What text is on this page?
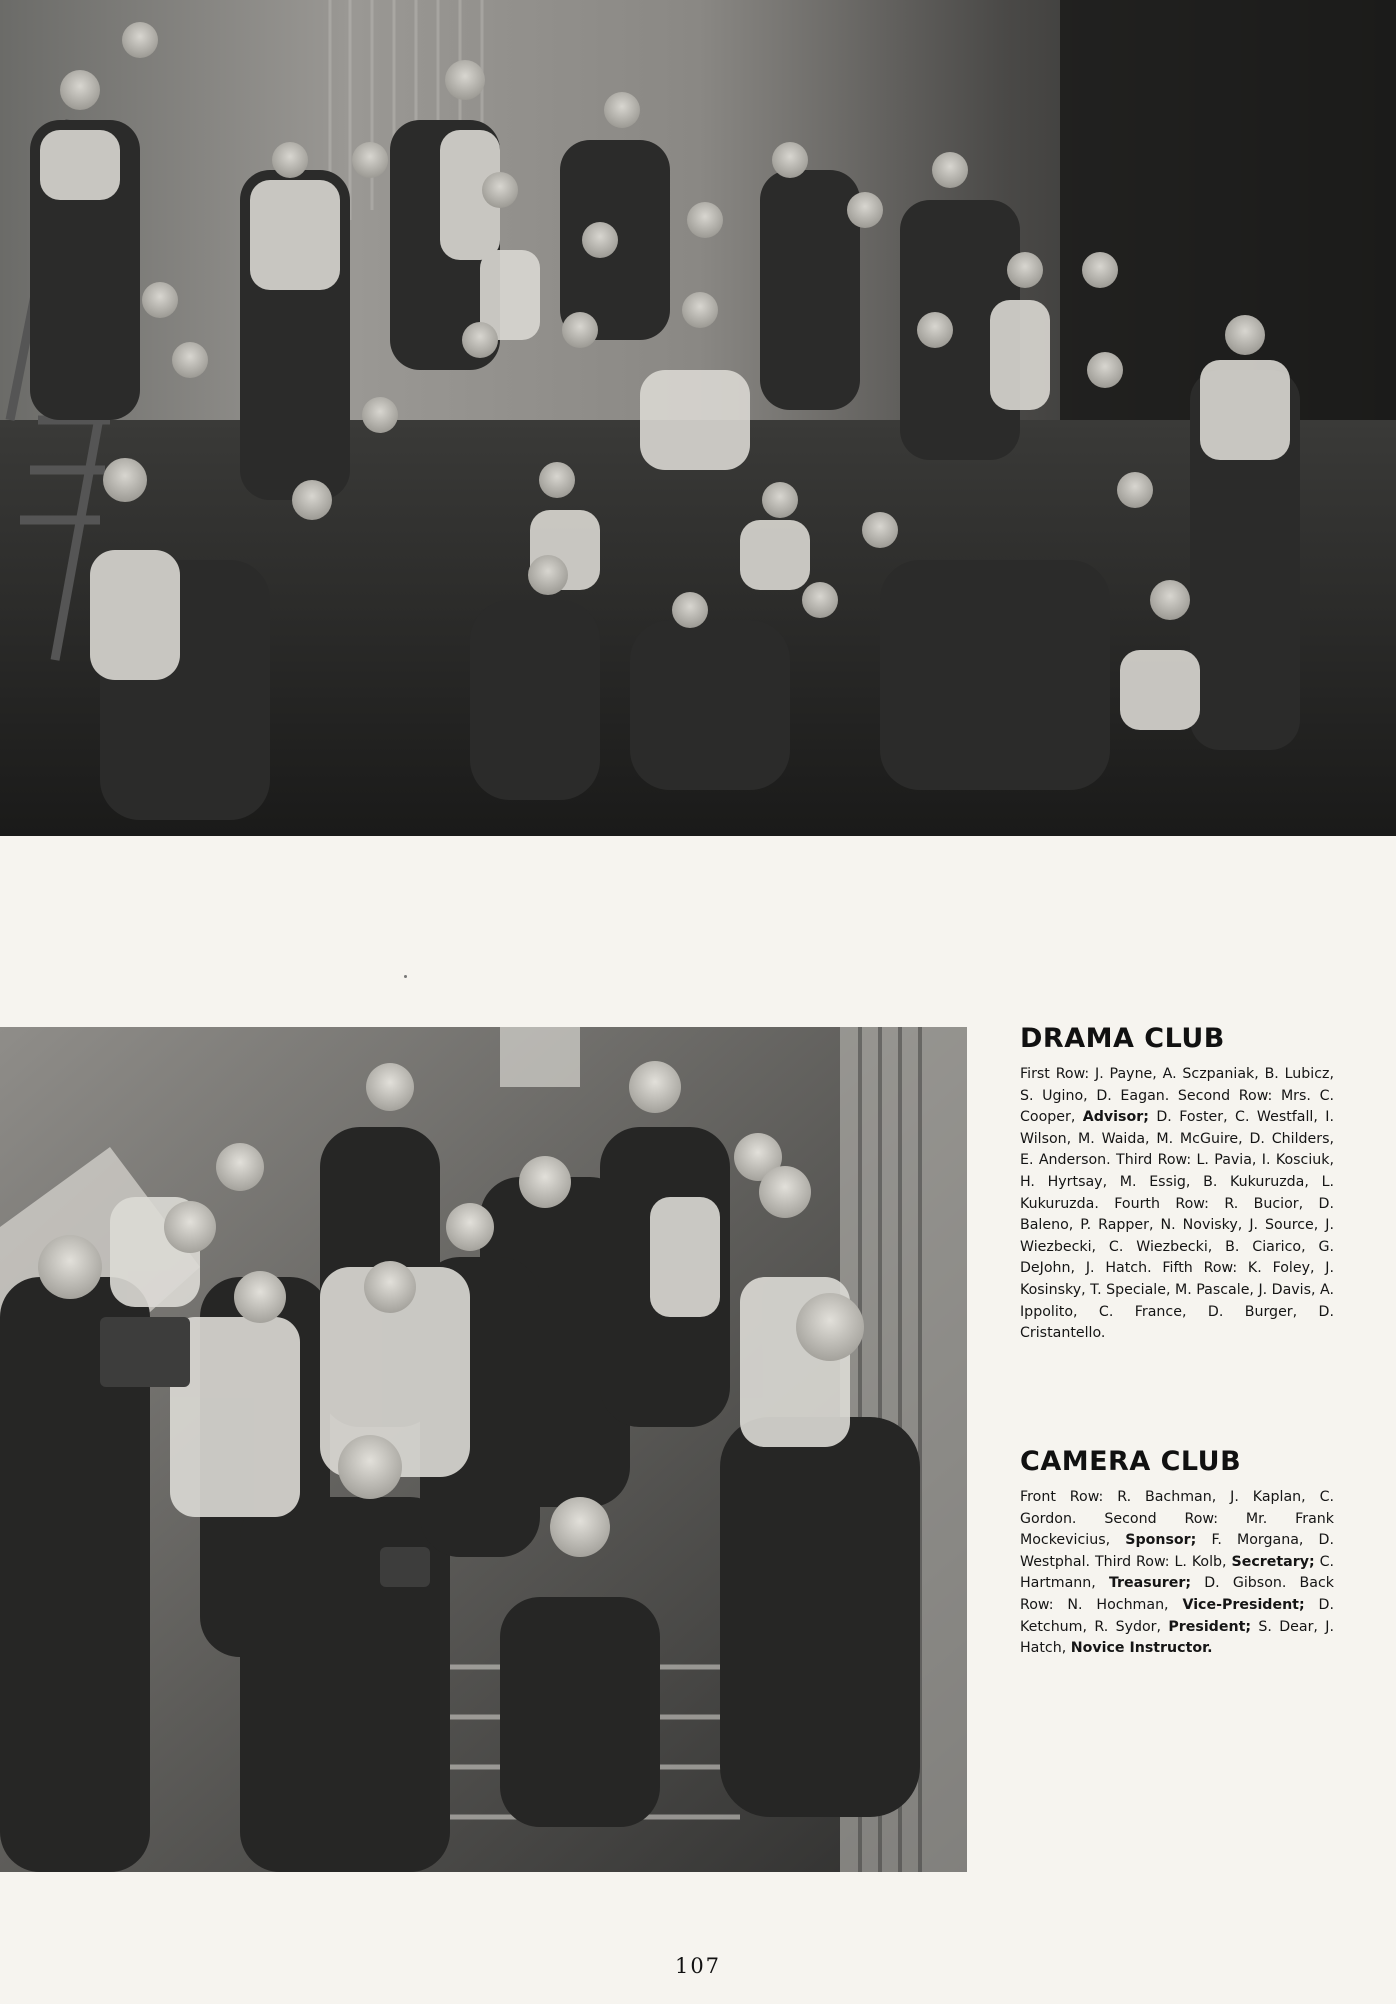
DRAMA CLUB

First Row: J. Payne, A. Sczpaniak, B. Lubicz, S. Ugino, D. Eagan. Second Row: Mrs. C. Cooper, Advisor; D. Foster, C. Westfall, I. Wilson, M. Waida, M. McGuire, D. Childers, E. Anderson. Third Row: L. Pavia, I. Kosciuk, H. Hyrtsay, M. Essig, B. Kukuruzda, L. Kukuruzda. Fourth Row: R. Bucior, D. Baleno, P. Rapper, N. Novisky, J. Source, J. Wiezbecki, C. Wiezbecki, B. Ciarico, G. DeJohn, J. Hatch. Fifth Row: K. Foley, J. Kosinsky, T. Speciale, M. Pascale, J. Davis, A. Ippolito, C. France, D. Burger, D. Cristantello.

CAMERA CLUB

Front Row: R. Bachman, J. Kaplan, C. Gordon. Second Row: Mr. Frank Mockevicius, Sponsor; F. Morgana, D. Westphal. Third Row: L. Kolb, Secretary; C. Hartmann, Treasurer; D. Gibson. Back Row: N. Hochman, Vice-President; D. Ketchum, R. Sydor, President; S. Dear, J. Hatch, Novice Instructor.

107
